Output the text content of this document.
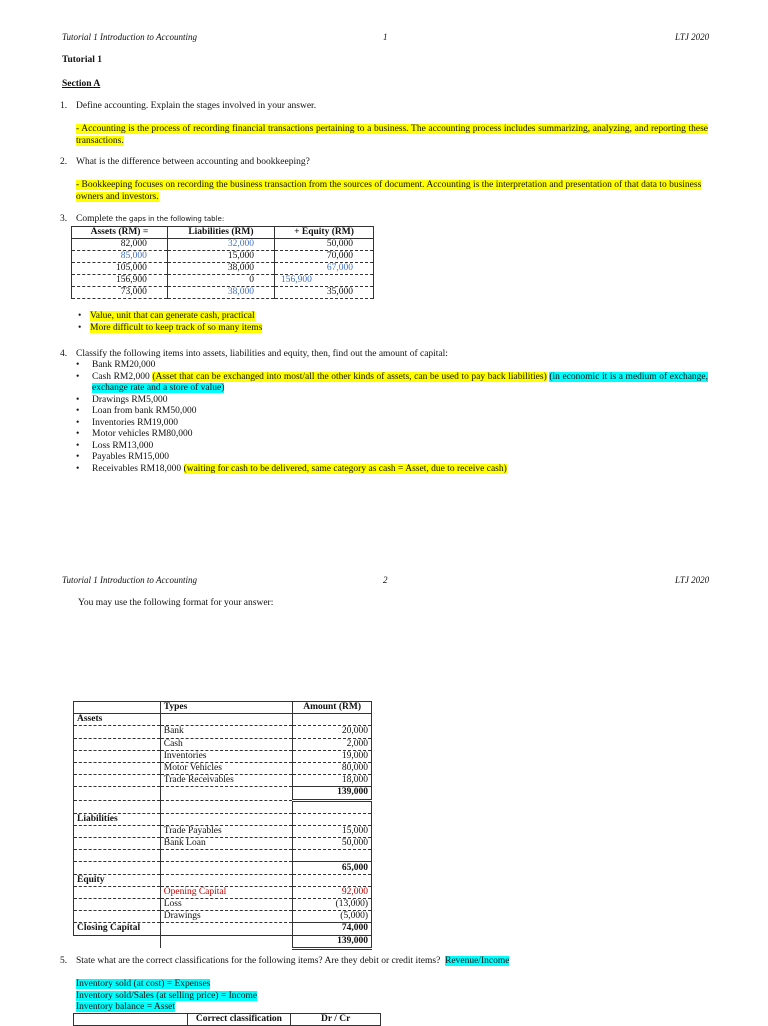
Tutorial 1 Introduction to Accounting	1	LTJ 2020
Tutorial 1
Section A
1. Define accounting. Explain the stages involved in your answer.
- Accounting is the process of recording financial transactions pertaining to a business. The accounting process includes summarizing, analyzing, and reporting these transactions.
2. What is the difference between accounting and bookkeeping?
- Bookkeeping focuses on recording the business transaction from the sources of document. Accounting is the interpretation and presentation of that data to business owners and investors.
3. Complete the gaps in the following table:
Assets (RM) =	Liabilities (RM)	+ Equity (RM)
82,000	32,000	50,000
85,000	15,000	70,000
105,000	38,000	67,000
156,900	0	156,900
73,000	38,000	35,000
• Value, unit that can generate cash, practical
• More difficult to keep track of so many items
4. Classify the following items into assets, liabilities and equity, then, find out the amount of capital:
• Bank RM20,000
• Cash RM2,000 (Asset that can be exchanged into most/all the other kinds of assets, can be used to pay back liabilities) (in economic it is a medium of exchange, exchange rate and a store of value)
• Drawings RM5,000
• Loan from bank RM50,000
• Inventories RM19,000
• Motor vehicles RM80,000
• Loss RM13,000
• Payables RM15,000
• Receivables RM18,000 (waiting for cash to be delivered, same category as cash = Asset, due to receive cash)
Tutorial 1 Introduction to Accounting	2	LTJ 2020
You may use the following format for your answer:
	Types	Amount (RM)
Assets		
	Bank	20,000
	Cash	2,000
	Inventories	19,000
	Motor Vehicles	80,000
	Trade Receivables	18,000
		139,000

Liabilities		
	Trade Payables	15,000
	Bank Loan	50,000

		65,000
Equity		
	Opening Capital	92,000
	Loss	(13,000)
	Drawings	(5,000)
Closing Capital		74,000
		139,000
5. State what are the correct classifications for the following items? Are they debit or credit items? Revenue/Income
Inventory sold (at cost) = Expenses
Inventory sold/Sales (at selling price) = Income
Inventory balance = Asset
	Correct classification	Dr / Cr
